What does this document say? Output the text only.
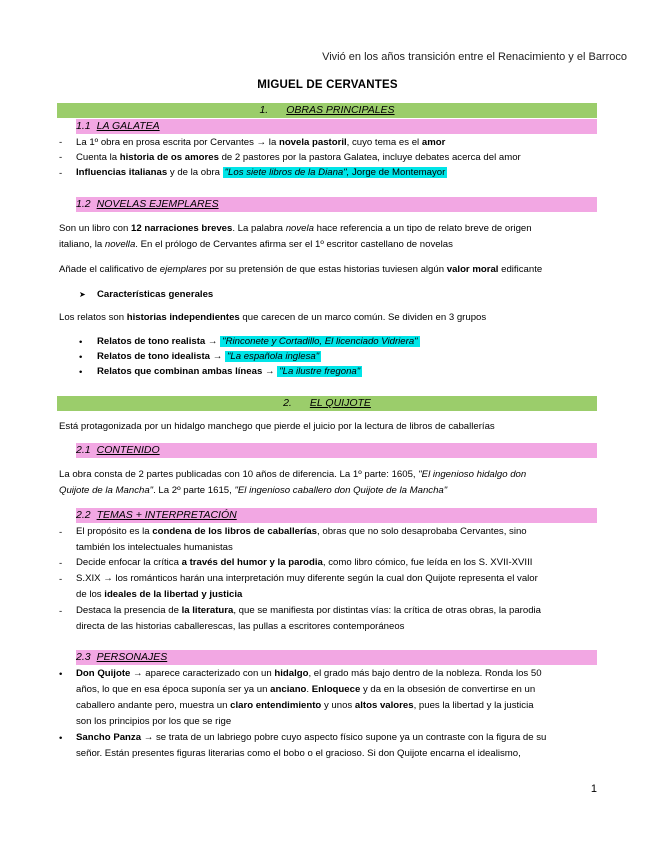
Vivió en los años transición entre el Renacimiento y el Barroco
MIGUEL DE CERVANTES
1. OBRAS PRINCIPALES
1.1 LA GALATEA
-	La 1º obra en prosa escrita por Cervantes → la novela pastoril, cuyo tema es el amor
-	Cuenta la historia de os amores de 2 pastores por la pastora Galatea, incluye debates acerca del amor
-	Influencias italianas y de la obra "Los siete libros de la Diana", Jorge de Montemayor
1.2 NOVELAS EJEMPLARES
Son un libro con 12 narraciones breves. La palabra novela hace referencia a un tipo de relato breve de origen
italiano, la novella. En el prólogo de Cervantes afirma ser el 1º escritor castellano de novelas
Añade el calificativo de ejemplares por su pretensión de que estas historias tuviesen algún valor moral edificante
➤ Características generales
Los relatos son historias independientes que carecen de un marco común. Se dividen en 3 grupos
• Relatos de tono realista → "Rinconete y Cortadillo, El licenciado Vidriera"
• Relatos de tono idealista → "La española inglesa"
• Relatos que combinan ambas líneas → "La ilustre fregona"
2. EL QUIJOTE
Está protagonizada por un hidalgo manchego que pierde el juicio por la lectura de libros de caballerías
2.1 CONTENIDO
La obra consta de 2 partes publicadas con 10 años de diferencia. La 1º parte: 1605, "El ingenioso hidalgo don
Quijote de la Mancha". La 2º parte 1615, "El ingenioso caballero don Quijote de la Mancha"
2.2 TEMAS + INTERPRETACIÓN
-	El propósito es la condena de los libros de caballerías, obras que no solo desaprobaba Cervantes, sino
también los intelectuales humanistas
-	Decide enfocar la crítica a través del humor y la parodia, como libro cómico, fue leída en los S. XVII-XVIII
-	S.XIX → los románticos harán una interpretación muy diferente según la cual don Quijote representa el valor
de los ideales de la libertad y justicia
-	Destaca la presencia de la literatura, que se manifiesta por distintas vías: la crítica de otras obras, la parodia
directa de las historias caballerescas, las pullas a escritores contemporáneos
2.3 PERSONAJES
•	Don Quijote → aparece caracterizado con un hidalgo, el grado más bajo dentro de la nobleza. Ronda los 50
años, lo que en esa época suponía ser ya un anciano. Enloquece y da en la obsesión de convertirse en un
caballero andante pero, muestra un claro entendimiento y unos altos valores, pues la libertad y la justicia
son los principios por los que se rige
•	Sancho Panza → se trata de un labriego pobre cuyo aspecto físico supone ya un contraste con la figura de su
señor. Están presentes figuras literarias como el bobo o el gracioso. Si don Quijote encarna el idealismo,
1
